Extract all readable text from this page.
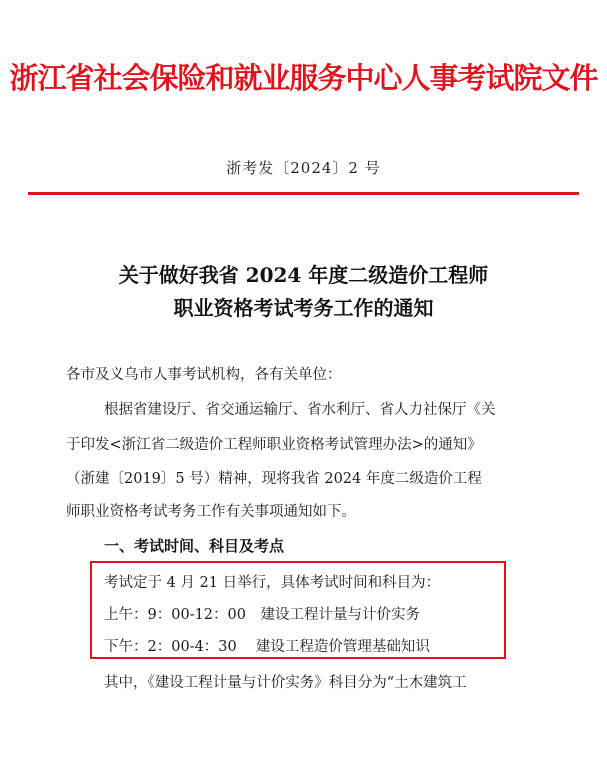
浙江省社会保险和就业服务中心人事考试院文件
浙考发〔2024〕2 号
关于做好我省 2024 年度二级造价工程师
职业资格考试考务工作的通知
各市及义乌市人事考试机构，各有关单位：
根据省建设厅、省交通运输厅、省水利厅、省人力社保厅《关
于印发<浙江省二级造价工程师职业资格考试管理办法>的通知》
（浙建〔2019〕5 号）精神，现将我省 2024 年度二级造价工程
师职业资格考试考务工作有关事项通知如下。
一、考试时间、科目及考点
考试定于 4 月 21 日举行，具体考试时间和科目为：
上午：9：00-12：00　建设工程计量与计价实务
下午：2：00-4：30　 建设工程造价管理基础知识
其中，《建设工程计量与计价实务》科目分为“土木建筑工
